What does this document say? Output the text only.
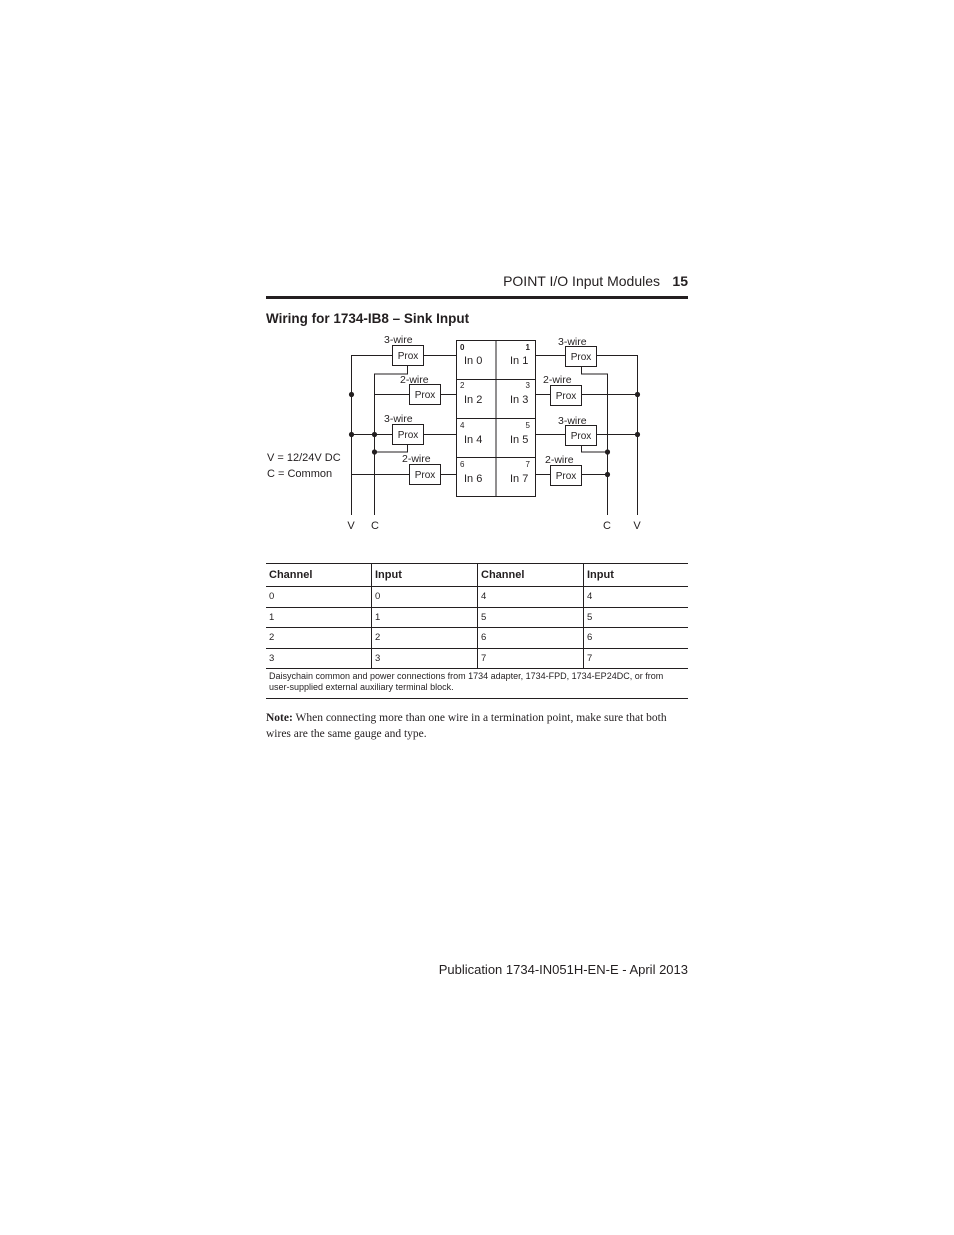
POINT I/O Input Modules 15
Wiring for 1734-IB8 – Sink Input
0	1
2	3
4	5
6	7
In 0	In 1
In 2	In 3
In 4	In 5
In 6	In 7
3-wire	3-wire
2-wire	2-wire
3-wire	3-wire
2-wire	2-wire
Prox
Prox
Prox
Prox
Prox
Prox
Prox
Prox
V = 12/24V DC
C = Common
V C	C V
Channel	Input	Channel	Input
0	0	4	4
1	1	5	5
2	2	6	6
3	3	7	7
Daisychain common and power connections from 1734 adapter, 1734-FPD, 1734-EP24DC, or from user-supplied external auxiliary terminal block.			
Note: When connecting more than one wire in a termination point, make sure that both wires are the same gauge and type.
Publication 1734-IN051H-EN-E - April 2013
